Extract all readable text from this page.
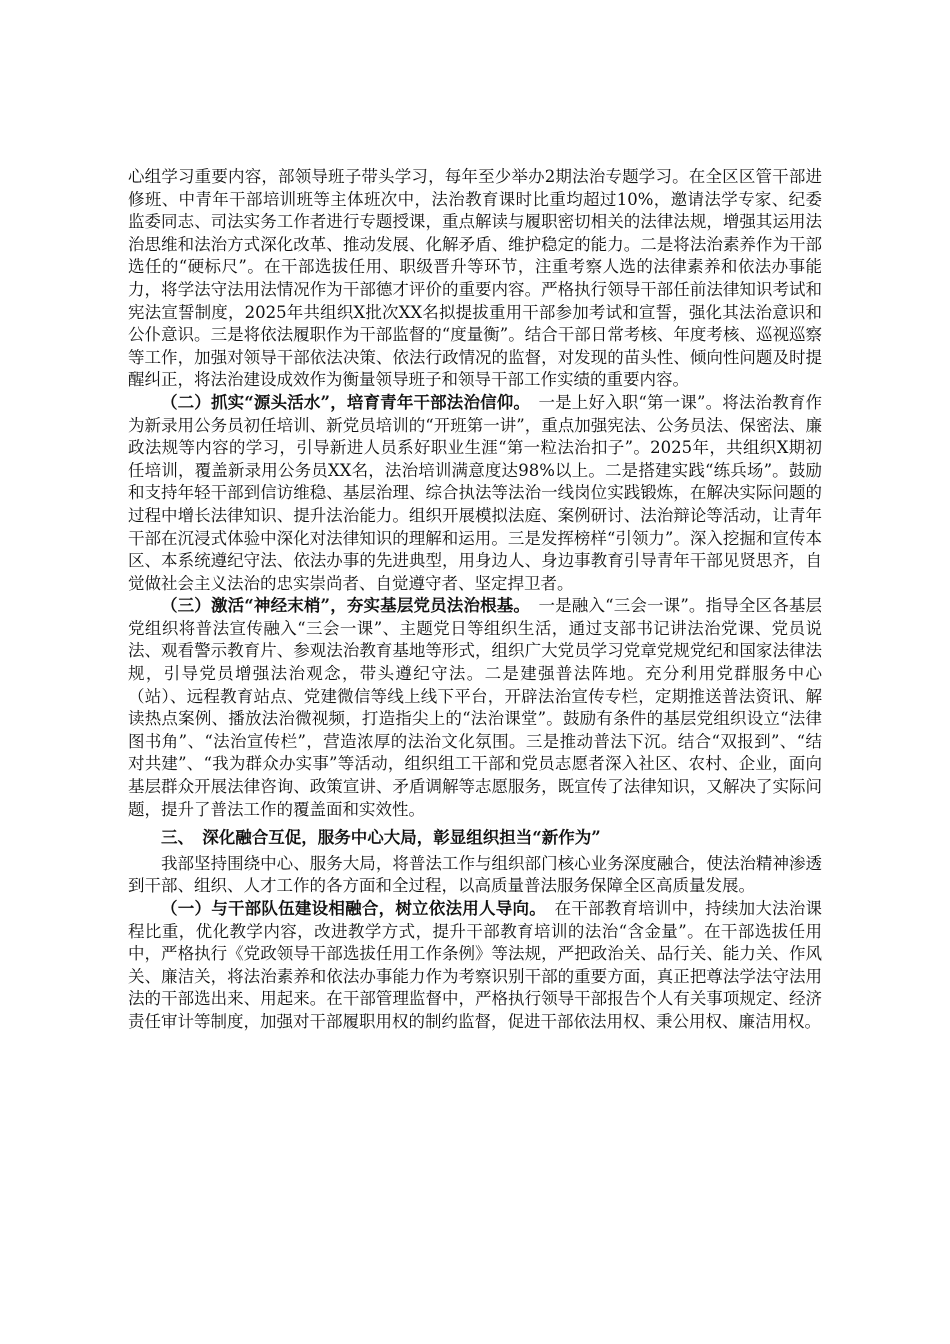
心组学习重要内容，部领导班子带头学习，每年至少举办2期法治专题学习。在全区区管干部进修班、中青年干部培训班等主体班次中，法治教育课时比重均超过10%，邀请法学专家、纪委监委同志、司法实务工作者进行专题授课，重点解读与履职密切相关的法律法规，增强其运用法治思维和法治方式深化改革、推动发展、化解矛盾、维护稳定的能力。二是将法治素养作为干部选任的“硬标尺”。在干部选拔任用、职级晋升等环节，注重考察人选的法律素养和依法办事能力，将学法守法用法情况作为干部德才评价的重要内容。严格执行领导干部任前法律知识考试和宪法宣誓制度，2025年共组织X批次XX名拟提拔重用干部参加考试和宣誓，强化其法治意识和公仆意识。三是将依法履职作为干部监督的“度量衡”。结合干部日常考核、年度考核、巡视巡察等工作，加强对领导干部依法决策、依法行政情况的监督，对发现的苗头性、倾向性问题及时提醒纠正，将法治建设成效作为衡量领导班子和领导干部工作实绩的重要内容。

（二）抓实“源头活水”，培育青年干部法治信仰。　 一是上好入职“第一课”。将法治教育作为新录用公务员初任培训、新党员培训的“开班第一讲”，重点加强宪法、公务员法、保密法、廉政法规等内容的学习，引导新进人员系好职业生涯“第一粒法治扣子”。2025年，共组织X期初任培训，覆盖新录用公务员XX名，法治培训满意度达98%以上。二是搭建实践“练兵场”。鼓励和支持年轻干部到信访维稳、基层治理、综合执法等法治一线岗位实践锻炼，在解决实际问题的过程中增长法律知识、提升法治能力。组织开展模拟法庭、案例研讨、法治辩论等活动，让青年干部在沉浸式体验中深化对法律知识的理解和运用。三是发挥榜样“引领力”。深入挖掘和宣传本区、本系统遵纪守法、依法办事的先进典型，用身边人、身边事教育引导青年干部见贤思齐，自觉做社会主义法治的忠实崇尚者、自觉遵守者、坚定捍卫者。

（三）激活“神经末梢”，夯实基层党员法治根基。　 一是融入“三会一课”。指导全区各基层党组织将普法宣传融入“三会一课”、主题党日等组织生活，通过支部书记讲法治党课、党员说法、观看警示教育片、参观法治教育基地等形式，组织广大党员学习党章党规党纪和国家法律法规，引导党员增强法治观念，带头遵纪守法。二是建强普法阵地。充分利用党群服务中心（站）、远程教育站点、党建微信等线上线下平台，开辟法治宣传专栏，定期推送普法资讯、解读热点案例、播放法治微视频，打造指尖上的“法治课堂”。鼓励有条件的基层党组织设立“法律图书角”、“法治宣传栏”，营造浓厚的法治文化氛围。三是推动普法下沉。结合“双报到”、“结对共建”、“我为群众办实事”等活动，组织组工干部和党员志愿者深入社区、农村、企业，面向基层群众开展法律咨询、政策宣讲、矛盾调解等志愿服务，既宣传了法律知识，又解决了实际问题，提升了普法工作的覆盖面和实效性。

三、　深化融合互促，服务中心大局，彰显组织担当“新作为”

我部坚持围绕中心、服务大局，将普法工作与组织部门核心业务深度融合，使法治精神渗透到干部、组织、人才工作的各方面和全过程，以高质量普法服务保障全区高质量发展。

（一）与干部队伍建设相融合，树立依法用人导向。　 在干部教育培训中，持续加大法治课程比重，优化教学内容，改进教学方式，提升干部教育培训的法治“含金量”。在干部选拔任用中，严格执行《党政领导干部选拔任用工作条例》等法规，严把政治关、品行关、能力关、作风关、廉洁关，将法治素养和依法办事能力作为考察识别干部的重要方面，真正把尊法学法守法用法的干部选出来、用起来。在干部管理监督中，严格执行领导干部报告个人有关事项规定、经济责任审计等制度，加强对干部履职用权的制约监督，促进干部依法用权、秉公用权、廉洁用权。
